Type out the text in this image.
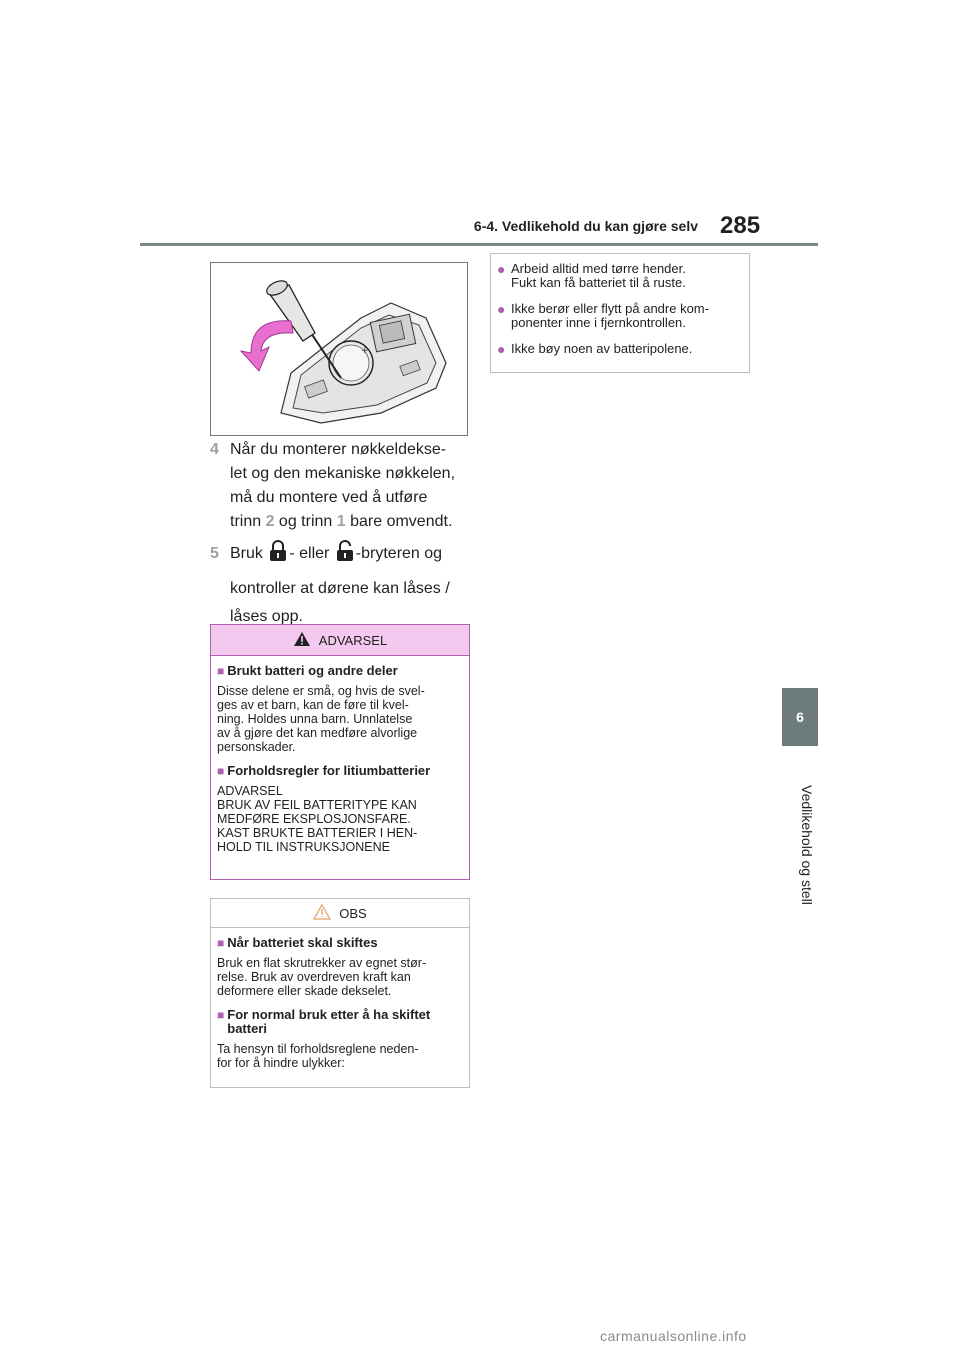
6-4. Vedlikehold du kan gjøre selv 285
6
Vedlikehold og stell
+
4 Når du monterer nøkkeldekse-
let og den mekaniske nøkkelen,
må du montere ved å utføre
trinn 2 og trinn 1 bare omvendt.
5 Bruk - eller -bryteren og
kontroller at dørene kan låses /
låses opp.
ADVARSEL
■ Brukt batteri og andre deler
Disse delene er små, og hvis de svel-
ges av et barn, kan de føre til kvel-
ning. Holdes unna barn. Unnlatelse
av å gjøre det kan medføre alvorlige
personskader.
■ Forholdsregler for litiumbatterier
ADVARSEL
BRUK AV FEIL BATTERITYPE KAN
MEDFØRE EKSPLOSJONSFARE.
KAST BRUKTE BATTERIER I HEN-
HOLD TIL INSTRUKSJONENE
OBS
■ Når batteriet skal skiftes
Bruk en flat skrutrekker av egnet stør-
relse. Bruk av overdreven kraft kan
deformere eller skade dekselet.
■ For normal bruk etter å ha skiftet
batteri
Ta hensyn til forholdsreglene neden-
for for å hindre ulykker:
● Arbeid alltid med tørre hender.
Fukt kan få batteriet til å ruste.
● Ikke berør eller flytt på andre kom-
ponenter inne i fjernkontrollen.
● Ikke bøy noen av batteripolene.
carmanualsonline.info
